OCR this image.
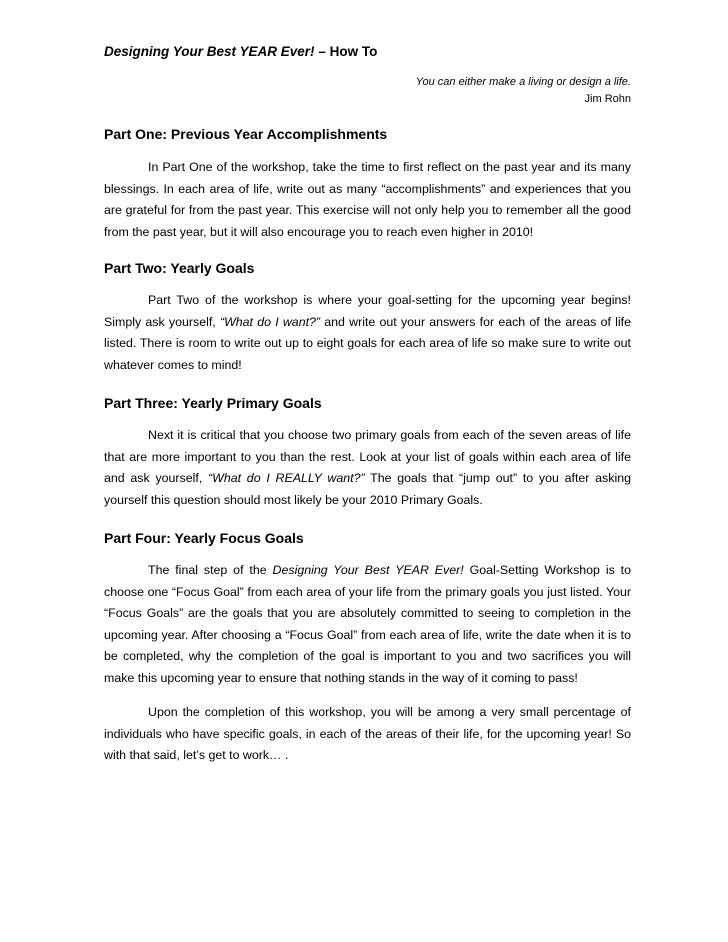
Designing Your Best YEAR Ever! – How To
You can either make a living or design a life.
Jim Rohn
Part One: Previous Year Accomplishments

In Part One of the workshop, take the time to first reflect on the past year and its many blessings. In each area of life, write out as many “accomplishments” and experiences that you are grateful for from the past year. This exercise will not only help you to remember all the good from the past year, but it will also encourage you to reach even higher in 2010!

Part Two: Yearly Goals

Part Two of the workshop is where your goal-setting for the upcoming year begins! Simply ask yourself, “What do I want?” and write out your answers for each of the areas of life listed. There is room to write out up to eight goals for each area of life so make sure to write out whatever comes to mind!

Part Three: Yearly Primary Goals

Next it is critical that you choose two primary goals from each of the seven areas of life that are more important to you than the rest. Look at your list of goals within each area of life and ask yourself, “What do I REALLY want?” The goals that “jump out” to you after asking yourself this question should most likely be your 2010 Primary Goals.

Part Four: Yearly Focus Goals

The final step of the Designing Your Best YEAR Ever! Goal-Setting Workshop is to choose one “Focus Goal” from each area of your life from the primary goals you just listed. Your “Focus Goals” are the goals that you are absolutely committed to seeing to completion in the upcoming year. After choosing a “Focus Goal” from each area of life, write the date when it is to be completed, why the completion of the goal is important to you and two sacrifices you will make this upcoming year to ensure that nothing stands in the way of it coming to pass!

Upon the completion of this workshop, you will be among a very small percentage of individuals who have specific goals, in each of the areas of their life, for the upcoming year! So with that said, let’s get to work… .
